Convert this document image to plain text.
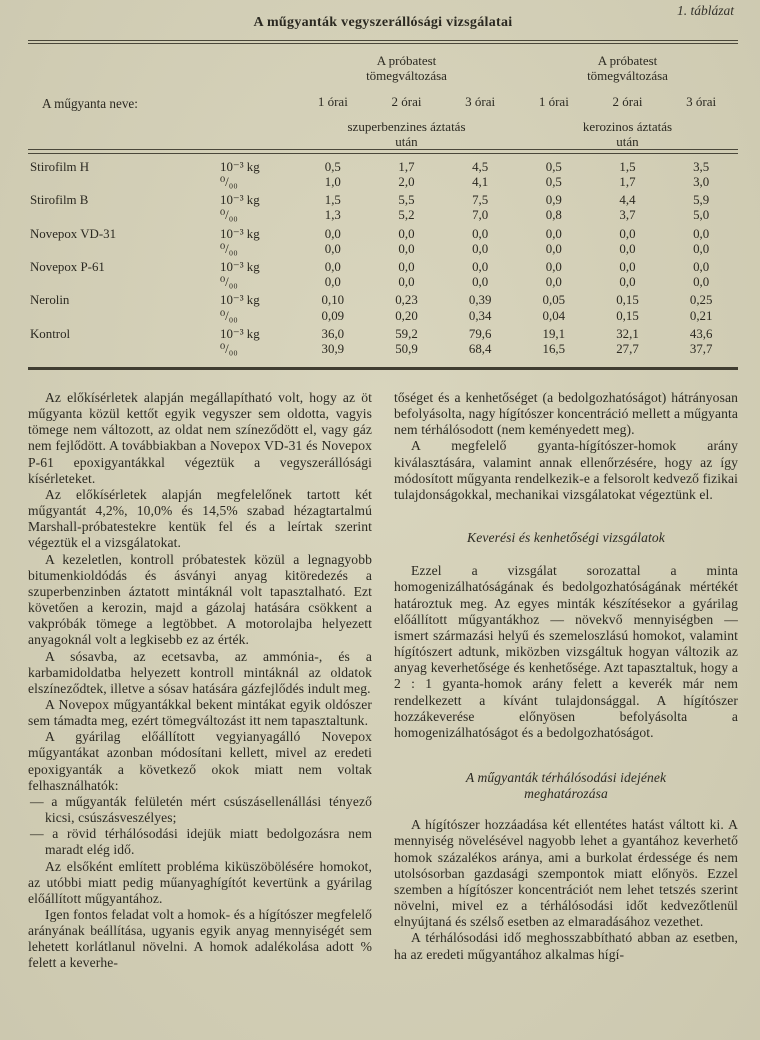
1. táblázat
A műgyanták vegyszerállósági vizsgálatai
A műgyanta neve:
A próbatest
tömegváltozása
1 órai	2 órai	3 órai
szuperbenzines áztatás
után
A próbatest
tömegváltozása
1 órai	2 órai	3 órai
kerozinos áztatás
után
Stirofilm H	10⁻³ kg	0,5	1,7	4,5	0,5	1,5	3,5
⁰/₀₀	1,0	2,0	4,1	0,5	1,7	3,0
Stirofilm B	10⁻³ kg	1,5	5,5	7,5	0,9	4,4	5,9
⁰/₀₀	1,3	5,2	7,0	0,8	3,7	5,0
Novepox VD-31	10⁻³ kg	0,0	0,0	0,0	0,0	0,0	0,0
⁰/₀₀	0,0	0,0	0,0	0,0	0,0	0,0
Novepox P-61	10⁻³ kg	0,0	0,0	0,0	0,0	0,0	0,0
⁰/₀₀	0,0	0,0	0,0	0,0	0,0	0,0
Nerolin	10⁻³ kg	0,10	0,23	0,39	0,05	0,15	0,25
⁰/₀₀	0,09	0,20	0,34	0,04	0,15	0,21
Kontrol	10⁻³ kg	36,0	59,2	79,6	19,1	32,1	43,6
⁰/₀₀	30,9	50,9	68,4	16,5	27,7	37,7

Az előkísérletek alapján megállapítható volt, hogy az öt műgyanta közül kettőt egyik vegyszer sem oldotta, vagyis tömege nem változott, az oldat nem színeződött el, vagy gáz nem fejlődött. A továbbiakban a Novepox VD-31 és Novepox P-61 epoxigyantákkal végeztük a vegyszerállósági kísérleteket.

Az előkísérletek alapján megfelelőnek tartott két műgyantát 4,2%, 10,0% és 14,5% szabad hézagtartalmú Marshall-próbatestekre kentük fel és a leírtak szerint végeztük el a vizsgálatokat.

A kezeletlen, kontroll próbatestek közül a legnagyobb bitumenkioldódás és ásványi anyag kitöredezés a szuperbenzinben áztatott mintáknál volt tapasztalható. Ezt követően a kerozin, majd a gázolaj hatására csökkent a vakpróbák tömege a legtöbbet. A motorolajba helyezett anyagoknál volt a legkisebb ez az érték.

A sósavba, az ecetsavba, az ammónia-, és a karbamidoldatba helyezett kontroll mintáknál az oldatok elszíneződtek, illetve a sósav hatására gázfejlődés indult meg.

A Novepox műgyantákkal bekent mintákat egyik oldószer sem támadta meg, ezért tömegváltozást itt nem tapasztaltunk.

A gyárilag előállított vegyianyagálló Novepox műgyantákat azonban módosítani kellett, mivel az eredeti epoxigyanták a következő okok miatt nem voltak felhasználhatók:

— a műgyanták felületén mért csúszásellenállási tényező kicsi, csúszásveszélyes;

— a rövid térhálósodási idejük miatt bedolgozásra nem maradt elég idő.

Az elsőként említett probléma kiküszöbölésére homokot, az utóbbi miatt pedig műanyaghígítót kevertünk a gyárilag előállított műgyantához.

Igen fontos feladat volt a homok- és a hígítószer megfelelő arányának beállítása, ugyanis egyik anyag mennyiségét sem lehetett korlátlanul növelni. A homok adalékolása adott % felett a keverhe-

tőséget és a kenhetőséget (a bedolgozhatóságot) hátrányosan befolyásolta, nagy hígítószer koncentráció mellett a műgyanta nem térhálósodott (nem keményedett meg).

A megfelelő gyanta-hígítószer-homok arány kiválasztására, valamint annak ellenőrzésére, hogy az így módosított műgyanta rendelkezik-e a felsorolt kedvező fizikai tulajdonságokkal, mechanikai vizsgálatokat végeztünk el.

Keverési és kenhetőségi vizsgálatok

Ezzel a vizsgálat sorozattal a minta homogenizálhatóságának és bedolgozhatóságának mértékét határoztuk meg. Az egyes minták készítésekor a gyárilag előállított műgyantákhoz — növekvő mennyiségben — ismert származási helyű és szemeloszlású homokot, valamint hígítószert adtunk, miközben vizsgáltuk hogyan változik az anyag keverhetősége és kenhetősége. Azt tapasztaltuk, hogy a 2 : 1 gyanta-homok arány felett a keverék már nem rendelkezett a kívánt tulajdonsággal. A hígítószer hozzákeverése előnyösen befolyásolta a homogenizálhatóságot és a bedolgozhatóságot.

A műgyanták térhálósodási idejének
meghatározása

A hígítószer hozzáadása két ellentétes hatást váltott ki. A mennyiség növelésével nagyobb lehet a gyantához keverhető homok százalékos aránya, ami a burkolat érdessége és nem utolsósorban gazdasági szempontok miatt előnyös. Ezzel szemben a hígítószer koncentrációt nem lehet tetszés szerint növelni, mivel ez a térhálósodási időt kedvezőtlenül elnyújtaná és szélső esetben az elmaradásához vezethet.

A térhálósodási idő meghosszabbítható abban az esetben, ha az eredeti műgyantához alkalmas hígí-
